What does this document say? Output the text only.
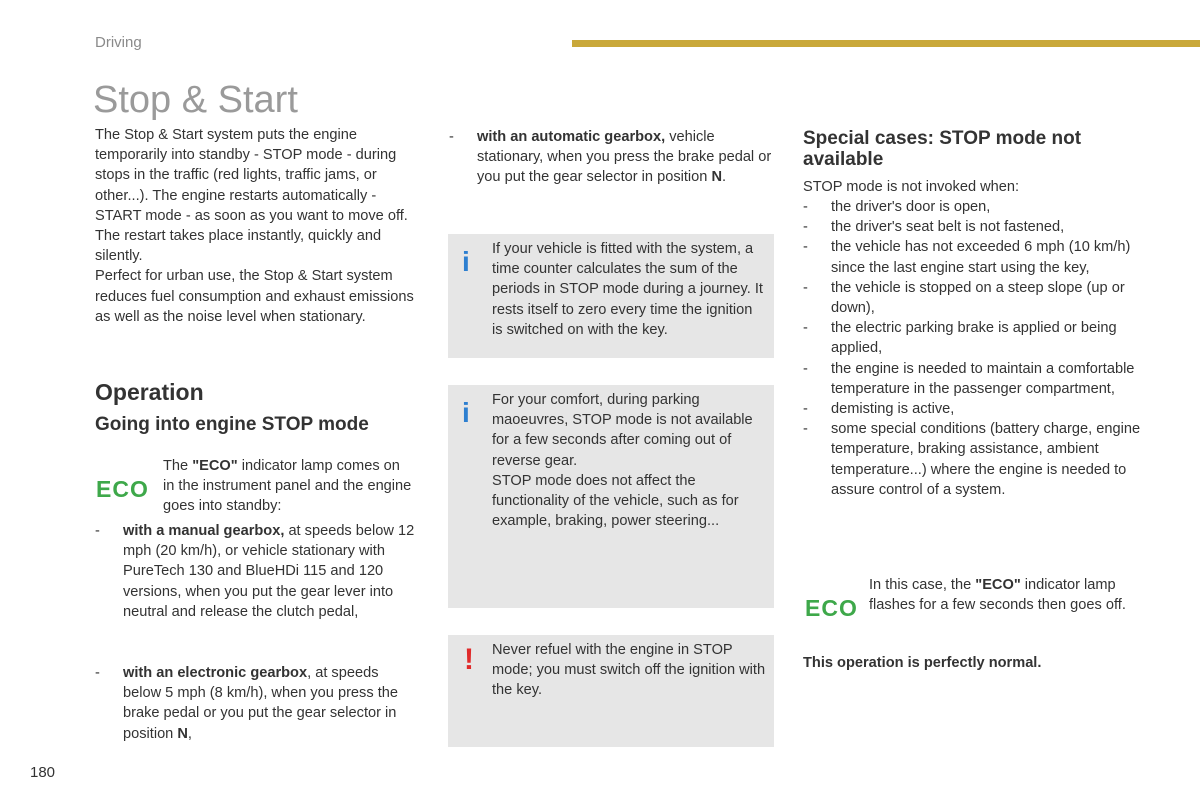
Driving
Stop & Start
The Stop & Start system puts the engine temporarily into standby - STOP mode - during stops in the traffic (red lights, traffic jams, or other...). The engine restarts automatically - START mode - as soon as you want to move off. The restart takes place instantly, quickly and silently.
Perfect for urban use, the Stop & Start system reduces fuel consumption and exhaust emissions as well as the noise level when stationary.
Operation
Going into engine STOP mode
ECO
The "ECO" indicator lamp comes on in the instrument panel and the engine goes into standby:
- with a manual gearbox, at speeds below 12 mph (20 km/h), or vehicle stationary with PureTech 130 and BlueHDi 115 and 120 versions, when you put the gear lever into neutral and release the clutch pedal,
- with an electronic gearbox, at speeds below 5 mph (8 km/h), when you press the brake pedal or you put the gear selector in position N,
- with an automatic gearbox, vehicle stationary, when you press the brake pedal or you put the gear selector in position N.
i If your vehicle is fitted with the system, a time counter calculates the sum of the periods in STOP mode during a journey. It rests itself to zero every time the ignition is switched on with the key.
i For your comfort, during parking maoeuvres, STOP mode is not available for a few seconds after coming out of reverse gear.
STOP mode does not affect the functionality of the vehicle, such as for example, braking, power steering...
! Never refuel with the engine in STOP mode; you must switch off the ignition with the key.
Special cases: STOP mode not available
STOP mode is not invoked when:
- the driver's door is open,
- the driver's seat belt is not fastened,
- the vehicle has not exceeded 6 mph (10 km/h) since the last engine start using the key,
- the vehicle is stopped on a steep slope (up or down),
- the electric parking brake is applied or being applied,
- the engine is needed to maintain a comfortable temperature in the passenger compartment,
- demisting is active,
- some special conditions (battery charge, engine temperature, braking assistance, ambient temperature...) where the engine is needed to assure control of a system.
ECO
In this case, the "ECO" indicator lamp flashes for a few seconds then goes off.
This operation is perfectly normal.
180
